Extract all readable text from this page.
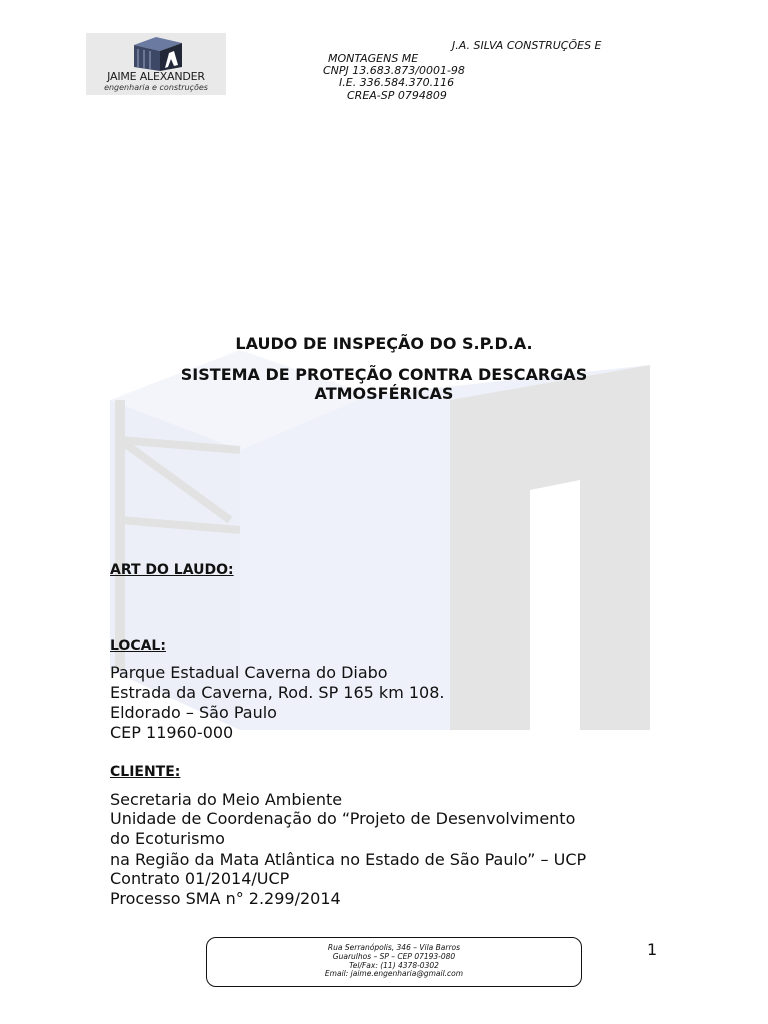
JAIME ALEXANDER
engenharia e construções
J.A. SILVA CONSTRUÇÕES E
MONTAGENS ME
CNPJ 13.683.873/0001-98
I.E. 336.584.370.116
CREA-SP 0794809
LAUDO DE INSPEÇÃO DO S.P.D.A.
SISTEMA DE PROTEÇÃO CONTRA DESCARGAS
ATMOSFÉRICAS

ART DO LAUDO:

LOCAL:

Parque Estadual Caverna do Diabo

Estrada da Caverna, Rod. SP 165 km 108.

Eldorado – São Paulo

CEP 11960-000

CLIENTE:

Secretaria do Meio Ambiente

Unidade de Coordenação do “Projeto de Desenvolvimento

do Ecoturismo

na Região da Mata Atlântica no Estado de São Paulo” – UCP

Contrato 01/2014/UCP

Processo SMA n° 2.299/2014

Rua Serranópolis, 346 – Vila Barros
Guarulhos – SP – CEP 07193-080
Tel/Fax: (11) 4378-0302
Email: jaime.engenharia@gmail.com
1
